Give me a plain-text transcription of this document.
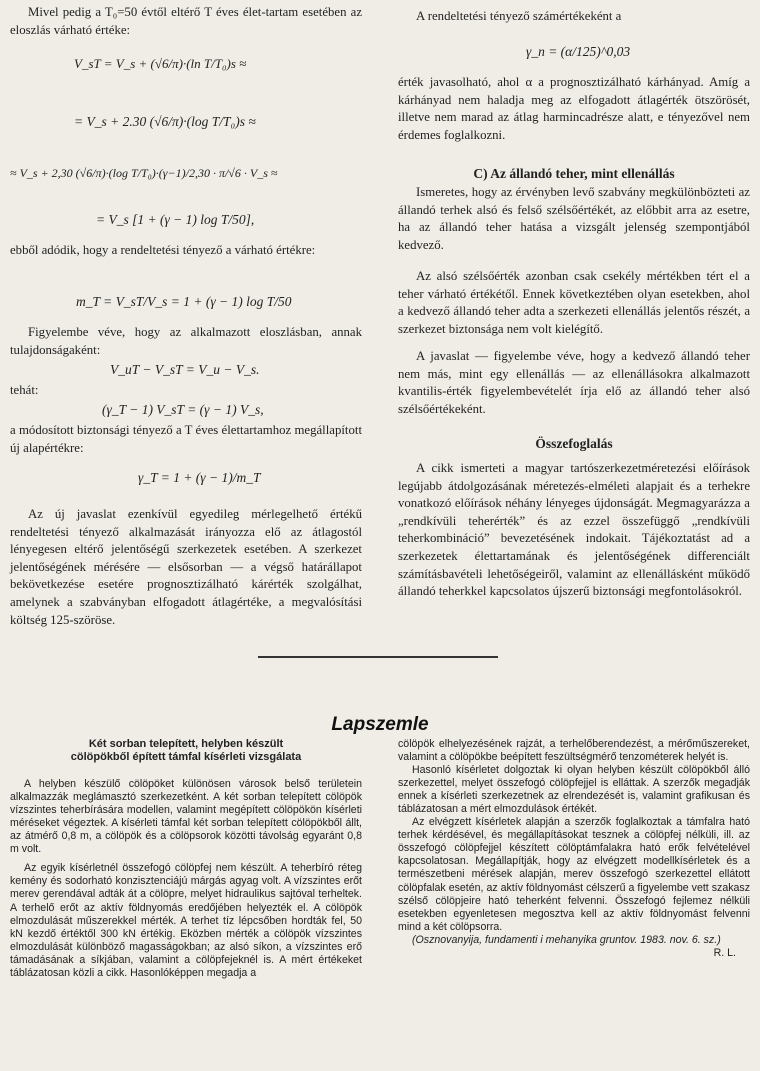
Mivel pedig a T₀=50 évtől eltérő T éves élet-tartam esetében az eloszlás várható értéke:

V_sT = V_s + (√6/π)·(ln T/T₀)s ≈
= V_s + 2.30 (√6/π)·(log T/T₀)s ≈
≈ V_s + 2,30 (√6/π)·(log T/T₀)·(γ−1)/2,30 · π/√6 · V_s ≈
= V_s [1 + (γ − 1) log T/50],

ebből adódik, hogy a rendeltetési tényező a várható értékre:

m_T = V_sT/V_s = 1 + (γ − 1) log T/50

Figyelembe véve, hogy az alkalmazott eloszlásban, annak tulajdonságaként:

V_uT − V_sT = V_u − V_s.

tehát:

(γ_T − 1) V_sT = (γ − 1) V_s,

a módosított biztonsági tényező a T éves élettartamhoz megállapított új alapértékre:

γ_T = 1 + (γ − 1)/m_T

Az új javaslat ezenkívül egyedileg mérlegelhető értékű rendeltetési tényező alkalmazását irányozza elő az átlagostól lényegesen eltérő jelentőségű szerkezetek esetében. A szerkezet jelentőségének mérésére — elsősorban — a végső határállapot bekövetkezése esetére prognosztizálható kárérték szolgálhat, amelynek a szabványban elfogadott átlagértéke, a megvalósítási költség 125-szöröse.

A rendeltetési tényező számértékeként a

γ_n = (α/125)^0,03

érték javasolható, ahol α a prognosztizálható kárhányad. Amíg a kárhányad nem haladja meg az elfogadott átlagérték ötszörösét, illetve nem marad az átlag harmincadrésze alatt, e tényezővel nem érdemes foglalkozni.

C) Az állandó teher, mint ellenállás

Ismeretes, hogy az érvényben levő szabvány megkülönbözteti az állandó terhek alsó és felső szélsőértékét, az előbbit arra az esetre, ha az állandó teher hatása a vizsgált jelenség szempontjából kedvező.

Az alsó szélsőérték azonban csak csekély mértékben tért el a teher várható értékétől. Ennek következtében olyan esetekben, ahol a kedvező állandó teher adta a szerkezeti ellenállás jelentős részét, a szerkezet biztonsága nem volt kielégítő.

A javaslat — figyelembe véve, hogy a kedvező állandó teher nem más, mint egy ellenállás — az ellenállásokra alkalmazott kvantilis-érték figyelembevételét írja elő az állandó teher alsó szélsőértékeként.

Összefoglalás

A cikk ismerteti a magyar tartószerkezetméretezési előírások legújabb átdolgozásának méretezés-elméleti alapjait és a terhekre vonatkozó előírások néhány lényeges újdonságát. Megmagyarázza a „rendkívüli teherérték” és az ezzel összefüggő „rendkívüli teherkombináció” bevezetésének indokait. Tájékoztatást ad a szerkezetek élettartamának és jelentőségének differenciált számításbavételi lehetőségeiről, valamint az ellenállásként működő állandó teherkkel kapcsolatos újszerű biztonsági megfontolásokról.

Lapszemle

Két sorban telepített, helyben készült

cölöpökből épített támfal kísérleti vizsgálata

A helyben készülő cölöpöket különösen városok belső területein alkalmazzák meglámasztó szerkezetként. A két sorban telepített cölöpök vízszintes teherbírására modellen, valamint megépített cölöpökön kísérleti méréseket végeztek. A kísérleti támfal két sorban telepített cölöpökből állt, az átmérő 0,8 m, a cölöpök és a cölöpsorok közötti távolság egyaránt 0,8 m volt.

Az egyik kísérletnél összefogó cölöpfej nem készült. A teherbíró réteg kemény és sodorható konzisztenciájú márgás agyag volt. A vízszintes erőt merev gerendával adták át a cölöpre, melyet hidraulikus sajtóval terheltek. A terhelő erőt az aktív földnyomás eredőjében helyezték el. A cölöpök elmozdulását műszerekkel mérték. A terhet tíz lépcsőben hordták fel, 50 kN kezdő értéktől 300 kN értékig. Eközben mérték a cölöpök vízszintes elmozdulását különböző magasságokban; az alsó síkon, a vízszintes erő támadásának a síkjában, valamint a cölöpfejeknél is. A mért értékeket táblázatosan közli a cikk. Hasonlóképpen megadja a

cölöpök elhelyezésének rajzát, a terhelőberendezést, a mérőműszereket, valamint a cölöpökbe beépített feszültségmérő tenzométerek helyét is.

Hasonló kísérletet dolgoztak ki olyan helyben készült cölöpökből álló szerkezettel, melyet összefogó cölöpfejjel is elláttak. A szerzők megadják ennek a kísérleti szerkezetnek az elrendezését is, valamint grafikusan és táblázatosan a mért elmozdulások értékét.

Az elvégzett kísérletek alapján a szerzők foglalkoztak a támfalra ható terhek kérdésével, és megállapításokat tesznek a cölöpfej nélküli, ill. az összefogó cölöpfejjel készített cölöptámfalakra ható erők felvételével kapcsolatosan. Megállapítják, hogy az elvégzett modellkísérletek és a természetbeni mérések alapján, merev összefogó szerkezettel ellátott cölöpfalak esetén, az aktív földnyomást célszerű a figyelembe vett szakasz szélső cölöpjeire ható teherként felvenni. Összefogó fejlemez nélküli esetekben egyenletesen megosztva kell az aktív földnyomást felvenni mind a két cölöpsorra.

(Osznovanyija, fundamenti i mehanyika gruntov. 1983. nov. 6. sz.)

R. L.
